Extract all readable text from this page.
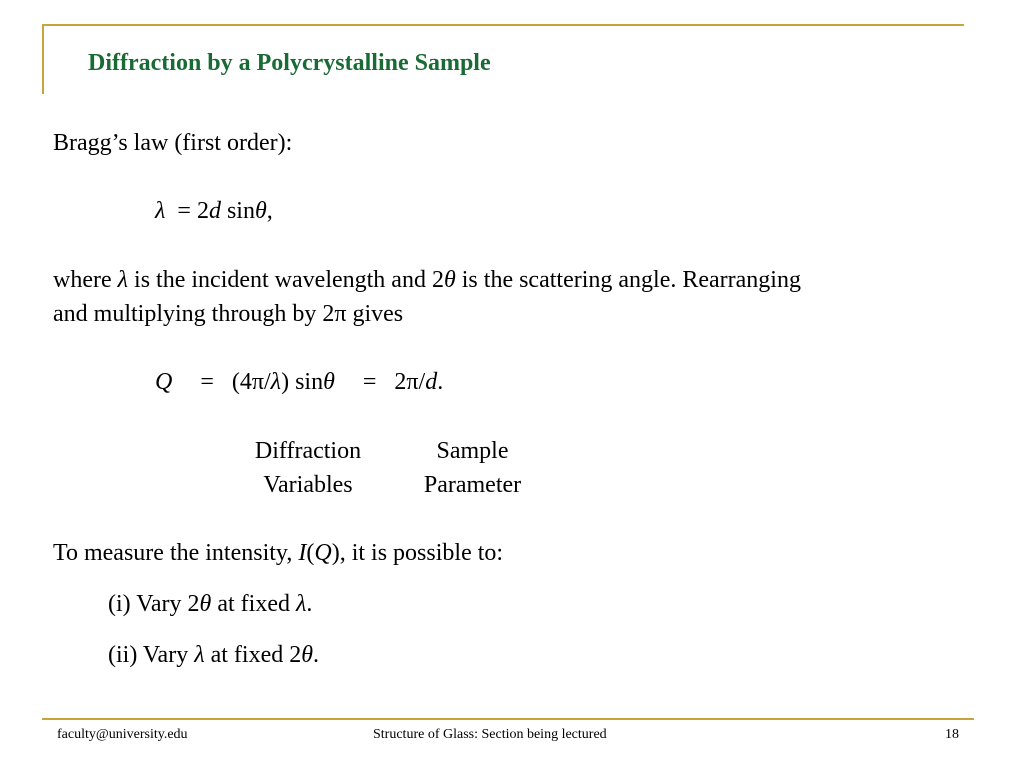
Diffraction by a Polycrystalline Sample
Bragg’s law (first order):
λ = 2d sinθ,
where λ is the incident wavelength and 2θ is the scattering angle. Rearranging
and multiplying through by 2π gives
Q = (4π/λ) sinθ = 2π/d.
Diffraction
Variables
Sample
Parameter
To measure the intensity, I(Q), it is possible to:
(i) Vary 2θ at fixed λ.
(ii) Vary λ at fixed 2θ.
faculty@university.edu	Structure of Glass: Section being lectured	18
